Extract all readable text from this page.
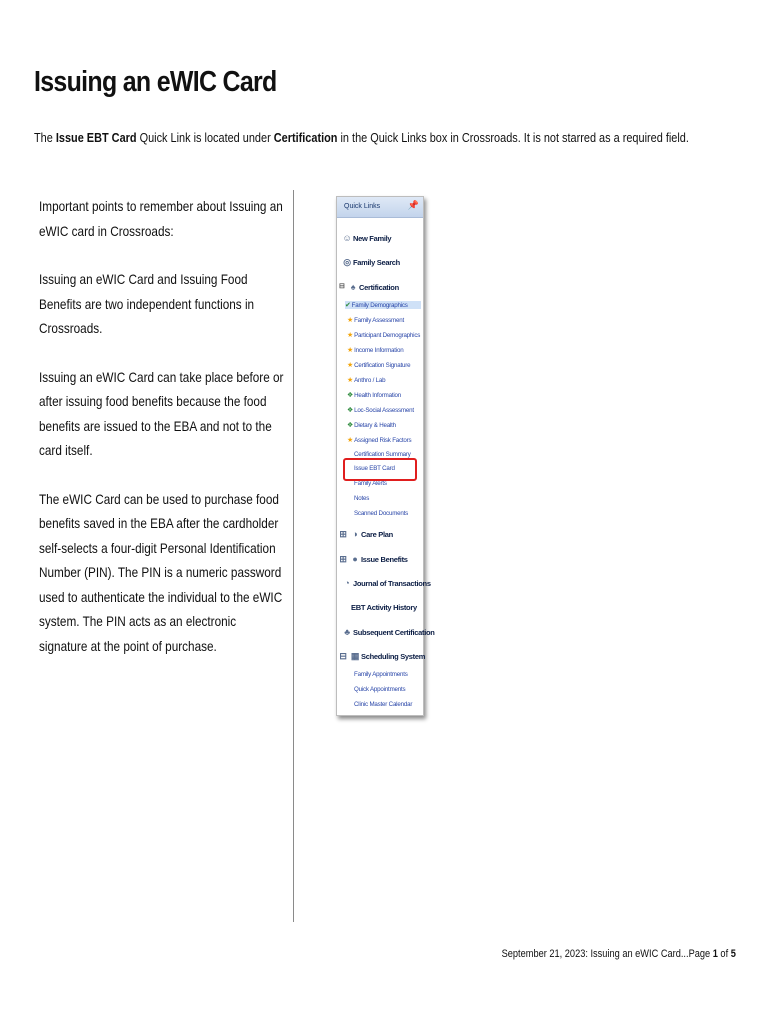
Issuing an eWIC Card
The Issue EBT Card Quick Link is located under Certification in the Quick Links box in Crossroads. It is not starred as a required field.

Important points to remember about Issuing an eWIC card in Crossroads:

Issuing an eWIC Card and Issuing Food Benefits are two independent functions in Crossroads.

Issuing an eWIC Card can take place before or after issuing food benefits because the food benefits are issued to the EBA and not to the card itself.

The eWIC Card can be used to purchase food benefits saved in the EBA after the cardholder self-selects a four-digit Personal Identification Number (PIN). The PIN is a numeric password used to authenticate the individual to the eWIC system. The PIN acts as an electronic signature at the point of purchase.

Quick Links	📌
☺ New Family
◎ Family Search
⊟ ♠ Certification
✔Family Demographics
★Family Assessment
★Participant Demographics
★Income Information
★Certification Signature
★Anthro / Lab
❖Health Information
❖Loc-Social Assessment
❖Dietary & Health
★Assigned Risk Factors
Certification Summary
Issue EBT Card
Family Alerts
Notes
Scanned Documents
⊞ ◑ Care Plan
⊞ ● Issue Benefits
◔ Journal of Transactions
EBT Activity History
♣ Subsequent Certification
⊟ ▦ Scheduling System
Family Appointments
Quick Appointments
Clinic Master Calendar
September 21, 2023: Issuing an eWIC Card...Page 1 of 5
